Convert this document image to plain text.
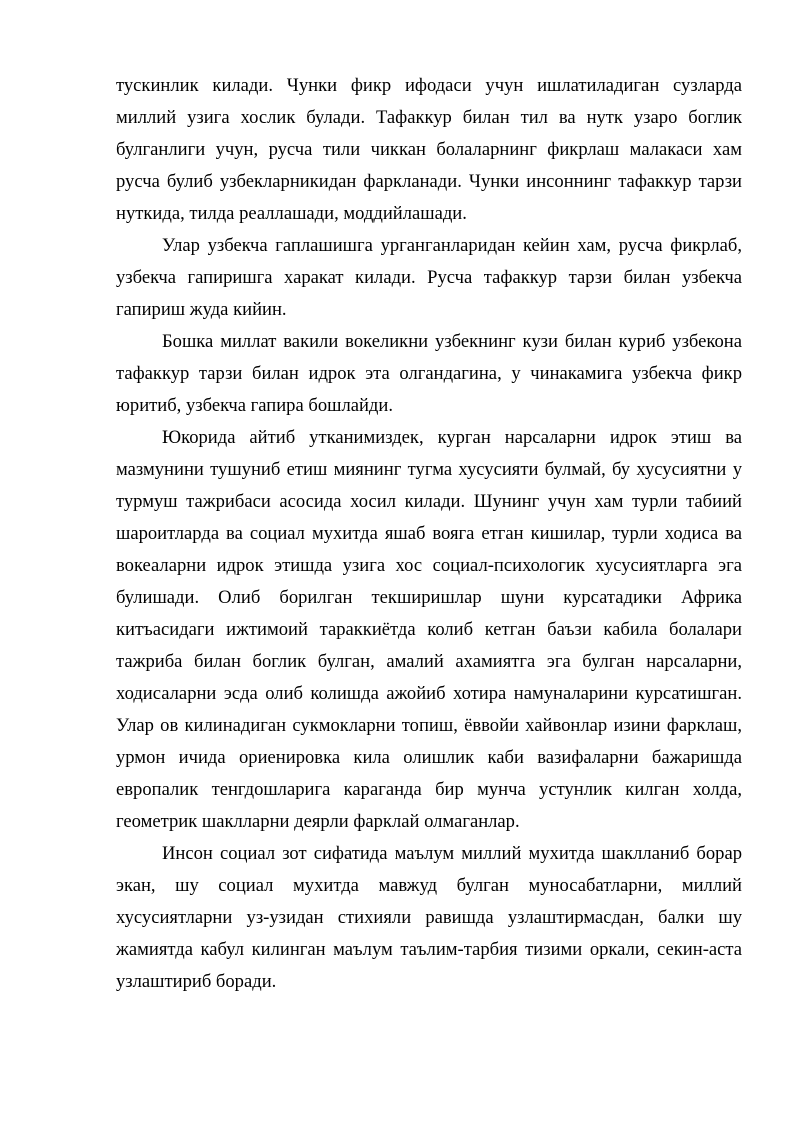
тускинлик килади. Чунки фикр ифодаси учун ишлатиладиган сузларда миллий узига хослик булади. Тафаккур билан тил ва нутк узаро боглик булганлиги учун, русча тили чиккан болаларнинг фикрлаш малакаси хам русча булиб узбекларникидан фаркланади. Чунки инсоннинг тафаккур тарзи нуткида, тилда реаллашади, моддийлашади.

Улар узбекча гаплашишга урганганларидан кейин хам, русча фикрлаб, узбекча гапиришга харакат килади. Русча тафаккур тарзи билан узбекча гапириш жуда кийин.

Бошка миллат вакили вокеликни узбекнинг кузи билан куриб узбекона тафаккур тарзи билан идрок эта олгандагина, у чинакамига узбекча фикр юритиб, узбекча гапира бошлайди.

Юкорида айтиб утканимиздек, курган нарсаларни идрок этиш ва мазмунини тушуниб етиш миянинг тугма хусусияти булмай, бу хусусиятни у турмуш тажрибаси асосида хосил килади. Шунинг учун хам турли табиий шароитларда ва социал мухитда яшаб вояга етган кишилар, турли ходиса ва вокеаларни идрок этишда узига хос социал-психологик хусусиятларга эга булишади. Олиб борилган текширишлар шуни курсатадики Африка китъасидаги ижтимоий тараккиётда колиб кетган баъзи кабила болалари тажриба билан боглик булган, амалий ахамиятга эга булган нарсаларни, ходисаларни эсда олиб колишда ажойиб хотира намуналарини курсатишган. Улар ов килинадиган сукмокларни топиш, ёввойи хайвонлар изини фарклаш, урмон ичида ориенировка кила олишлик каби вазифаларни бажаришда европалик тенгдошларига караганда бир мунча устунлик килган холда, геометрик шаклларни деярли фарклай олмаганлар.

Инсон социал зот сифатида маълум миллий мухитда шаклланиб борар экан, шу социал мухитда мавжуд булган муносабатларни, миллий хусусиятларни уз-узидан стихияли равишда узлаштирмасдан, балки шу жамиятда кабул килинган маълум таълим-тарбия тизими оркали, секин-аста узлаштириб боради.
